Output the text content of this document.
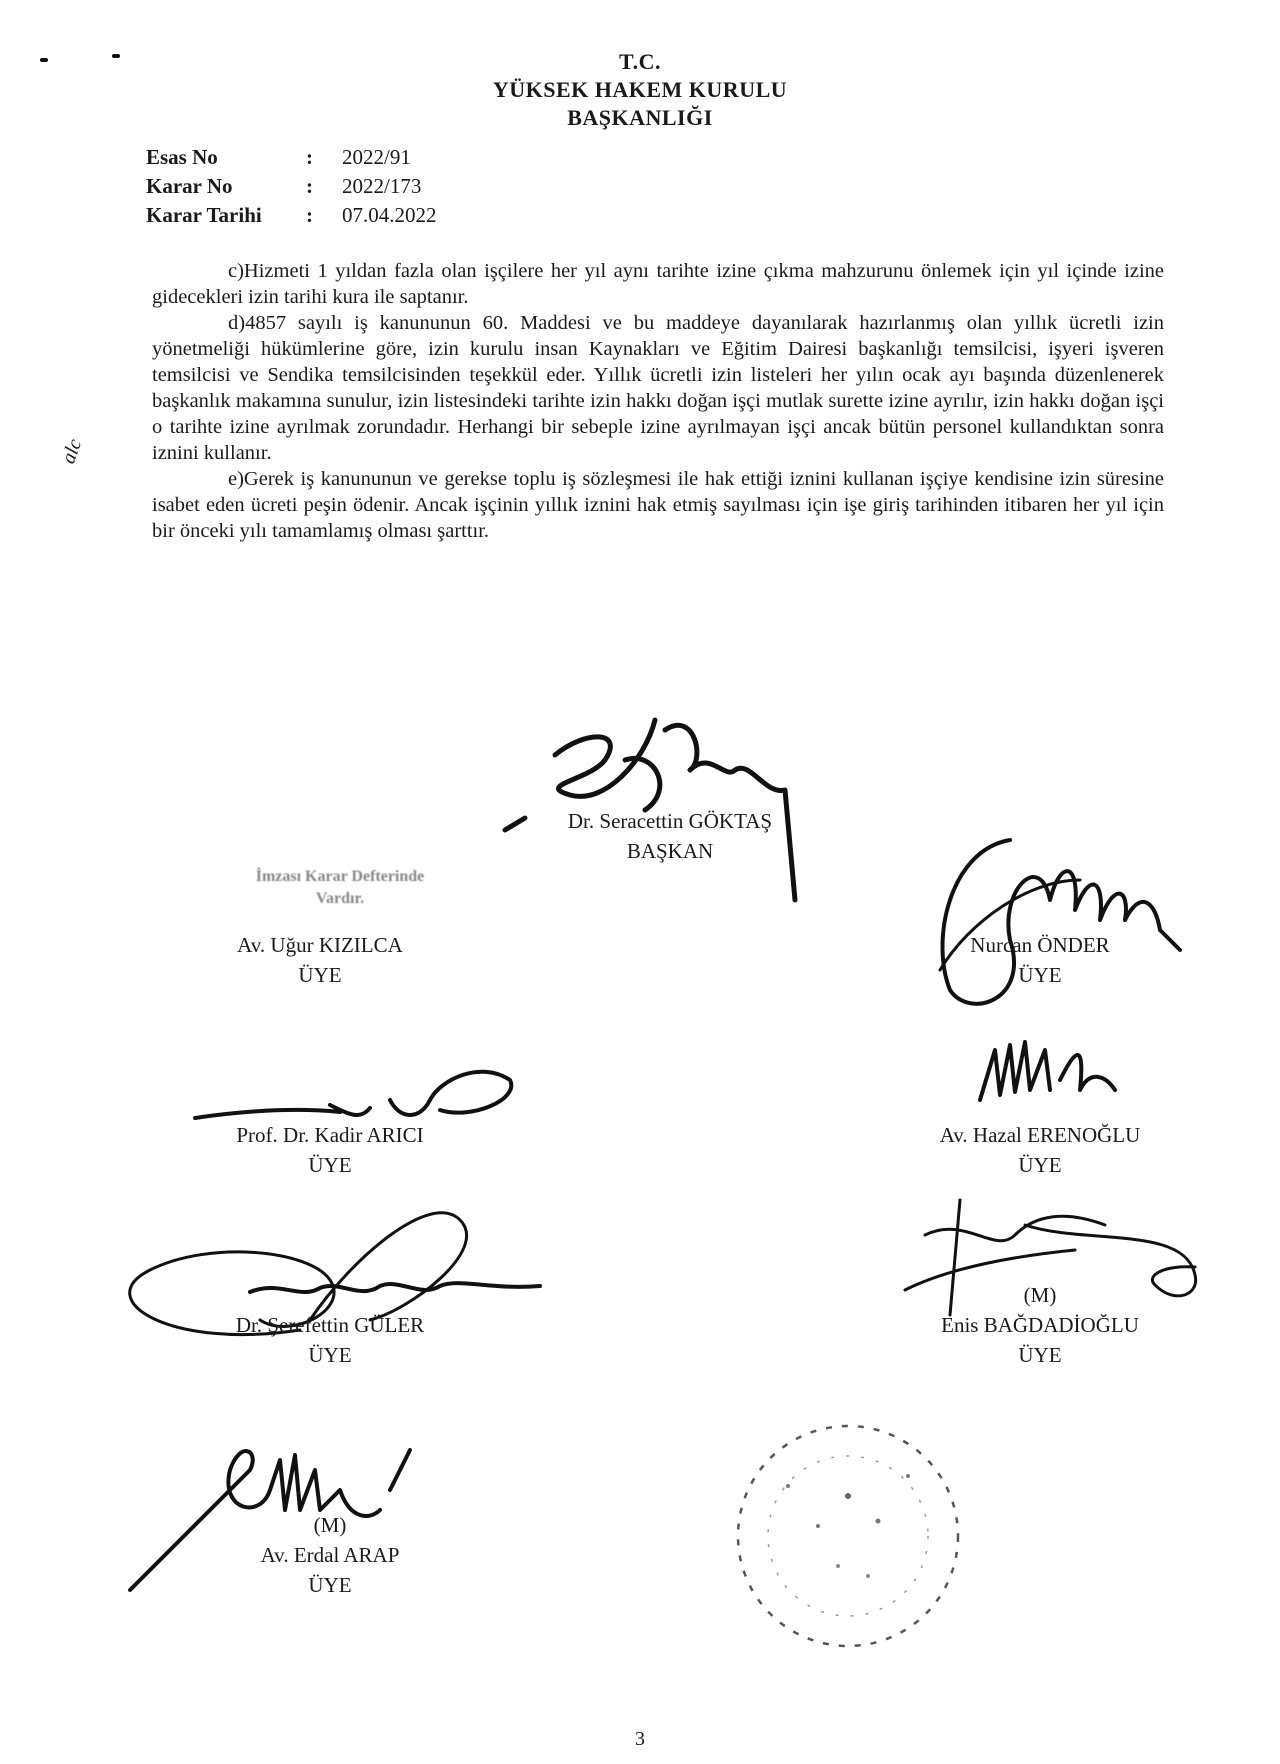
T.C.
YÜKSEK HAKEM KURULU
BAŞKANLIĞI
Esas No	:	2022/91
Karar No	:	2022/173
Karar Tarihi	:	07.04.2022

c)Hizmeti 1 yıldan fazla olan işçilere her yıl aynı tarihte izine çıkma mahzurunu önlemek için yıl içinde izine gidecekleri izin tarihi kura ile saptanır.

d)4857 sayılı iş kanununun 60. Maddesi ve bu maddeye dayanılarak hazırlanmış olan yıllık ücretli izin yönetmeliği hükümlerine göre, izin kurulu insan Kaynakları ve Eğitim Dairesi başkanlığı temsilcisi, işyeri işveren temsilcisi ve Sendika temsilcisinden teşekkül eder. Yıllık ücretli izin listeleri her yılın ocak ayı başında düzenlenerek başkanlık makamına sunulur, izin listesindeki tarihte izin hakkı doğan işçi mutlak surette izine ayrılır, izin hakkı doğan işçi o tarihte izine ayrılmak zorundadır. Herhangi bir sebeple izine ayrılmayan işçi ancak bütün personel kullandıktan sonra iznini kullanır.

e)Gerek iş kanununun ve gerekse toplu iş sözleşmesi ile hak ettiği iznini kullanan işçiye kendisine izin süresine isabet eden ücreti peşin ödenir. Ancak işçinin yıllık iznini hak etmiş sayılması için işe giriş tarihinden itibaren her yıl için bir önceki yılı tamamlamış olması şarttır.

alc
İmzası Karar Defterinde
Vardır.
Dr. Seracettin GÖKTAŞ
BAŞKAN
Av. Uğur KIZILCA
ÜYE
Nurcan ÖNDER
ÜYE
Prof. Dr. Kadir ARICI
ÜYE
Av. Hazal ERENOĞLU
ÜYE
Dr. Şerefettin GÜLER
ÜYE
(M)
Enis BAĞDADİOĞLU
ÜYE
(M)
Av. Erdal ARAP
ÜYE
3
